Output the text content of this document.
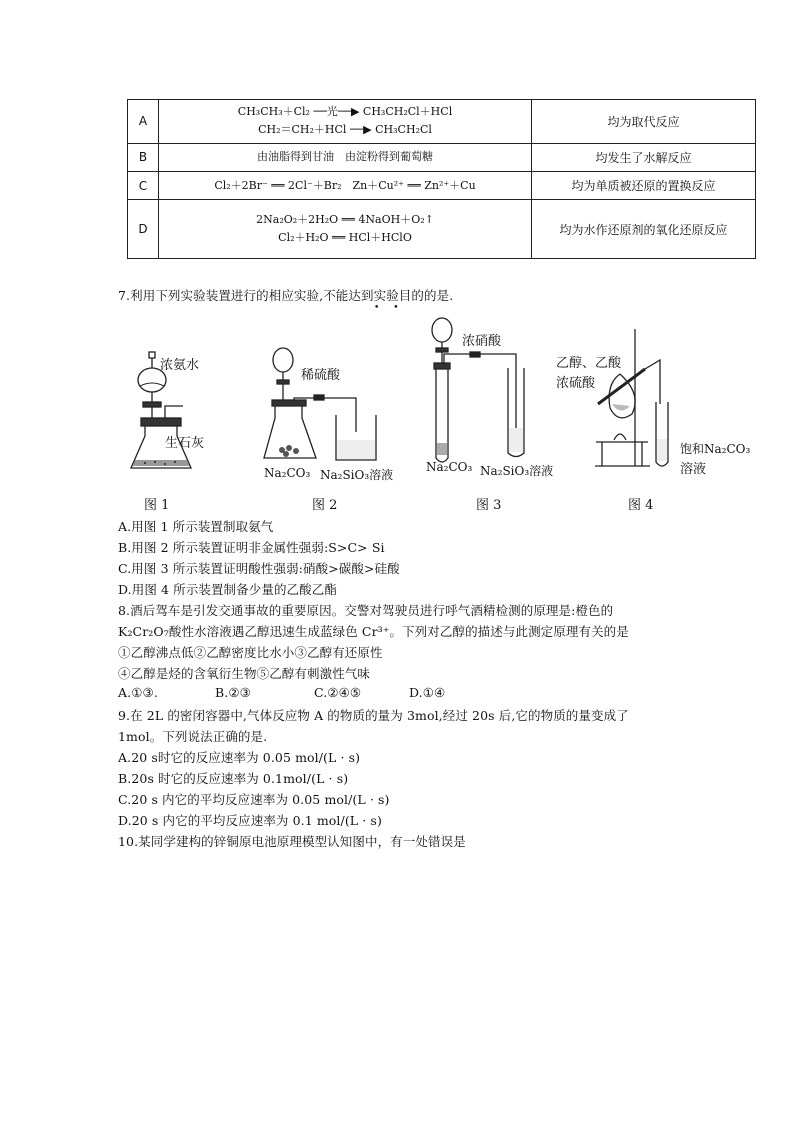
A	CH₃CH₃＋Cl₂ ──光──▶ CH₃CH₂Cl＋HCl
CH₂＝CH₂＋HCl ──▶ CH₃CH₂Cl	均为取代反应
B	由油脂得到甘油　由淀粉得到葡萄糖	均发生了水解反应
C	Cl₂＋2Br⁻ ══ 2Cl⁻＋Br₂　Zn＋Cu²⁺ ══ Zn²⁺＋Cu	均为单质被还原的置换反应
D	2Na₂O₂＋2H₂O ══ 4NaOH＋O₂↑
Cl₂＋H₂O ══ HCl＋HClO	均为水作还原剂的氧化还原反应
7.利用下列实验装置进行的相应实验,不能达到实验目的的是.
••
浓氨水
生石灰
图 1
稀硫酸
Na₂CO₃ Na₂SiO₃溶液
图 2
浓硝酸
Na₂CO₃ Na₂SiO₃溶液
图 3
乙醇、乙酸
浓硫酸
饱和Na₂CO₃
溶液
图 4
A.用图 1 所示装置制取氨气
B.用图 2 所示装置证明非金属性强弱:S>C> Si
C.用图 3 所示装置证明酸性强弱:硝酸>碳酸>硅酸
D.用图 4 所示装置制备少量的乙酸乙酯
8.酒后驾车是引发交通事故的重要原因。交警对驾驶员进行呼气酒精检测的原理是:橙色的
K₂Cr₂O₇酸性水溶液遇乙醇迅速生成蓝绿色 Cr³⁺。下列对乙醇的描述与此测定原理有关的是
①乙醇沸点低②乙醇密度比水小③乙醇有还原性
④乙醇是烃的含氧衍生物⑤乙醇有刺激性气味
A.①③.	B.②③	C.②④⑤	D.①④
9.在 2L 的密闭容器中,气体反应物 A 的物质的量为 3mol,经过 20s 后,它的物质的量变成了
1mol。下列说法正确的是.
A.20 s时它的反应速率为 0.05 mol/(L · s)
B.20s 时它的反应速率为 0.1mol/(L · s)
C.20 s 内它的平均反应速率为 0.05 mol/(L · s)
D.20 s 内它的平均反应速率为 0.1 mol/(L · s)
10.某同学建构的锌铜原电池原理模型认知图中，有一处错误是
